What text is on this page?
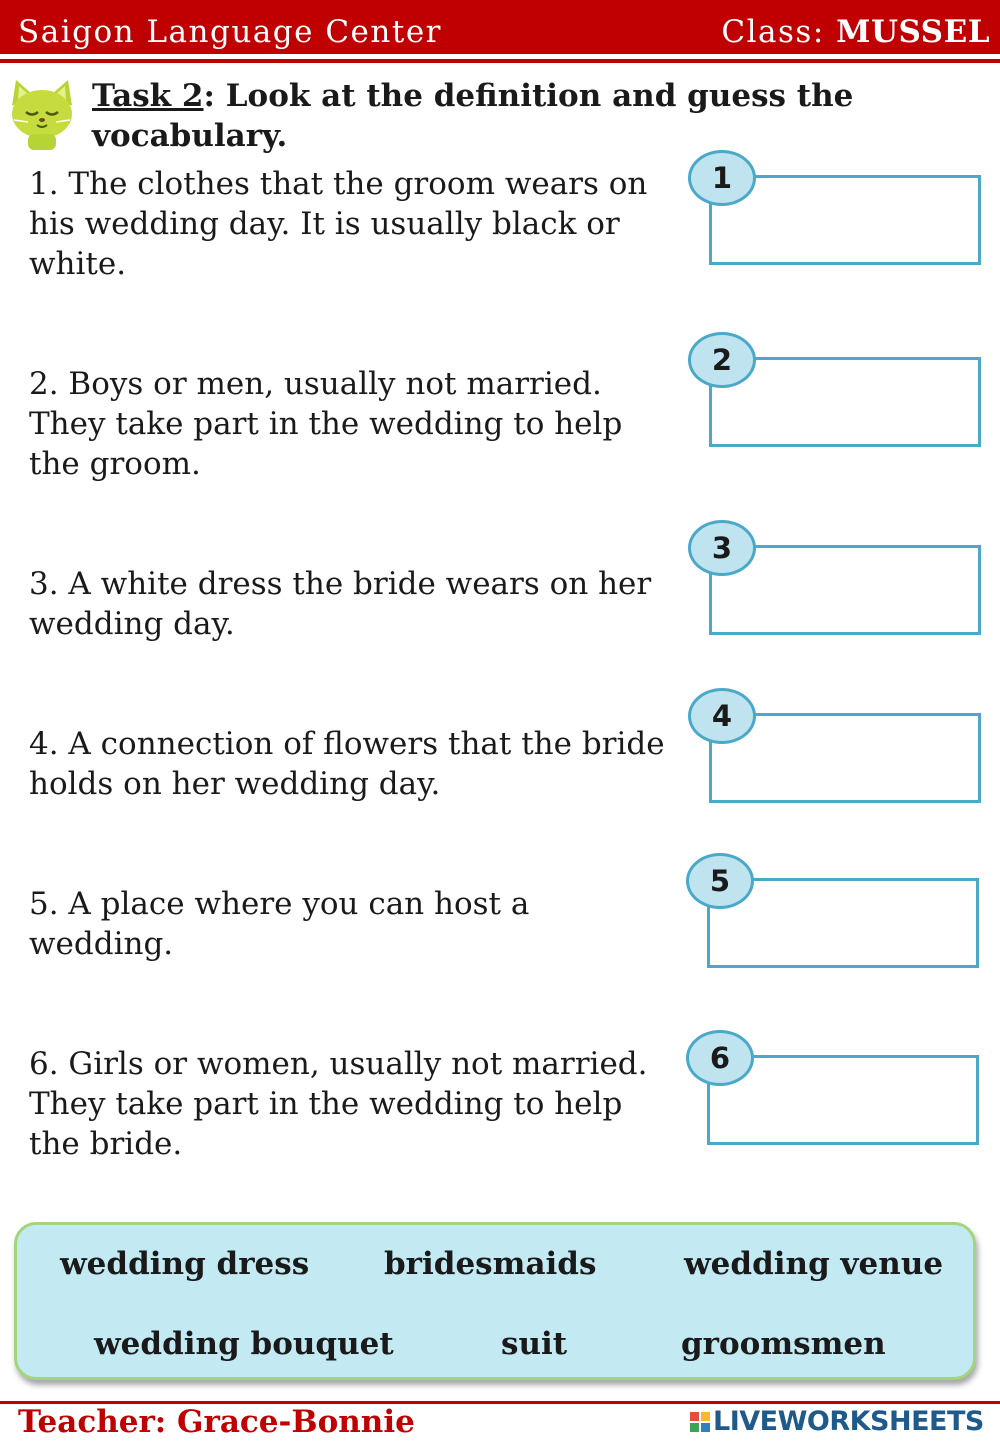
Saigon Language Center	Class: MUSSEL
Task 2: Look at the definition and guess the vocabulary.
1. The clothes that the groom wears on his wedding day. It is usually black or white.
2. Boys or men, usually not married. They take part in the wedding to help the groom.
3. A white dress the bride wears on her wedding day.
4. A connection of flowers that the bride holds on her wedding day.
5. A place where you can host a wedding.
6. Girls or women, usually not married. They take part in the wedding to help the bride.
1
2
3
4
5
6
wedding dress bridesmaids	wedding venue
wedding bouquet	suit	groomsmen
Teacher: Grace-Bonnie	LIVEWORKSHEETS
